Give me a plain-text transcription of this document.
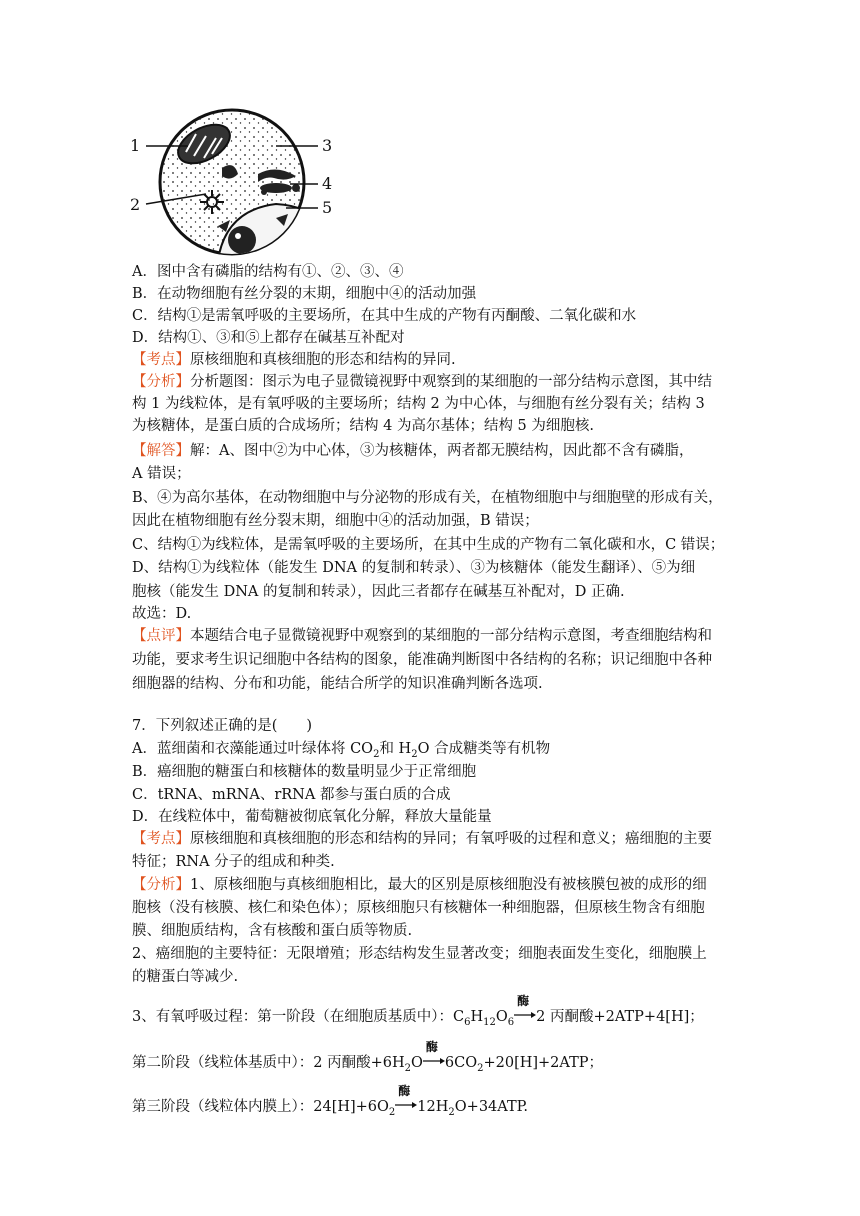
1
2
3
4
5
A．图中含有磷脂的结构有①、②、③、④
B．在动物细胞有丝分裂的末期，细胞中④的活动加强
C．结构①是需氧呼吸的主要场所，在其中生成的产物有丙酮酸、二氧化碳和水
D．结构①、③和⑤上都存在碱基互补配对
【考点】原核细胞和真核细胞的形态和结构的异同.
【分析】分析题图：图示为电子显微镜视野中观察到的某细胞的一部分结构示意图，其中结
构 1 为线粒体，是有氧呼吸的主要场所；结构 2 为中心体，与细胞有丝分裂有关；结构 3
为核糖体，是蛋白质的合成场所；结构 4 为高尔基体；结构 5 为细胞核.
【解答】解：A、图中②为中心体，③为核糖体，两者都无膜结构，因此都不含有磷脂，
A 错误；
B、④为高尔基体，在动物细胞中与分泌物的形成有关，在植物细胞中与细胞壁的形成有关，
因此在植物细胞有丝分裂末期，细胞中④的活动加强，B 错误；
C、结构①为线粒体，是需氧呼吸的主要场所，在其中生成的产物有二氧化碳和水，C 错误；
D、结构①为线粒体（能发生 DNA 的复制和转录）、③为核糖体（能发生翻译）、⑤为细
胞核（能发生 DNA 的复制和转录），因此三者都存在碱基互补配对，D 正确.
故选：D.
【点评】本题结合电子显微镜视野中观察到的某细胞的一部分结构示意图，考查细胞结构和
功能，要求考生识记细胞中各结构的图象，能准确判断图中各结构的名称；识记细胞中各种
细胞器的结构、分布和功能，能结合所学的知识准确判断各选项.
7．下列叙述正确的是(　　)
A．蓝细菌和衣藻能通过叶绿体将 $CO_2$和 $H_2O$ 合成糖类等有机物
B．癌细胞的糖蛋白和核糖体的数量明显少于正常细胞
C．tRNA、mRNA、rRNA 都参与蛋白质的合成
D．在线粒体中，葡萄糖被彻底氧化分解，释放大量能量
【考点】原核细胞和真核细胞的形态和结构的异同；有氧呼吸的过程和意义；癌细胞的主要
特征；RNA 分子的组成和种类.
【分析】1、原核细胞与真核细胞相比，最大的区别是原核细胞没有被核膜包被的成形的细
胞核（没有核膜、核仁和染色体）；原核细胞只有核糖体一种细胞器，但原核生物含有细胞
膜、细胞质结构，含有核酸和蛋白质等物质.
2、癌细胞的主要特征：无限增殖；形态结构发生显著改变；细胞表面发生变化，细胞膜上
的糖蛋白等减少.
3、有氧呼吸过程：第一阶段（在细胞质基质中）：$C_6H_{12}O_6$
酶
2 丙酮酸+2ATP+4[H]；
第二阶段（线粒体基质中）：2 丙酮酸$+6H_2O$
酶
$6CO_2+20[H]+2ATP$；
第三阶段（线粒体内膜上）：$24[H]+6O_2$
酶
$12H_2O+34ATP$.
